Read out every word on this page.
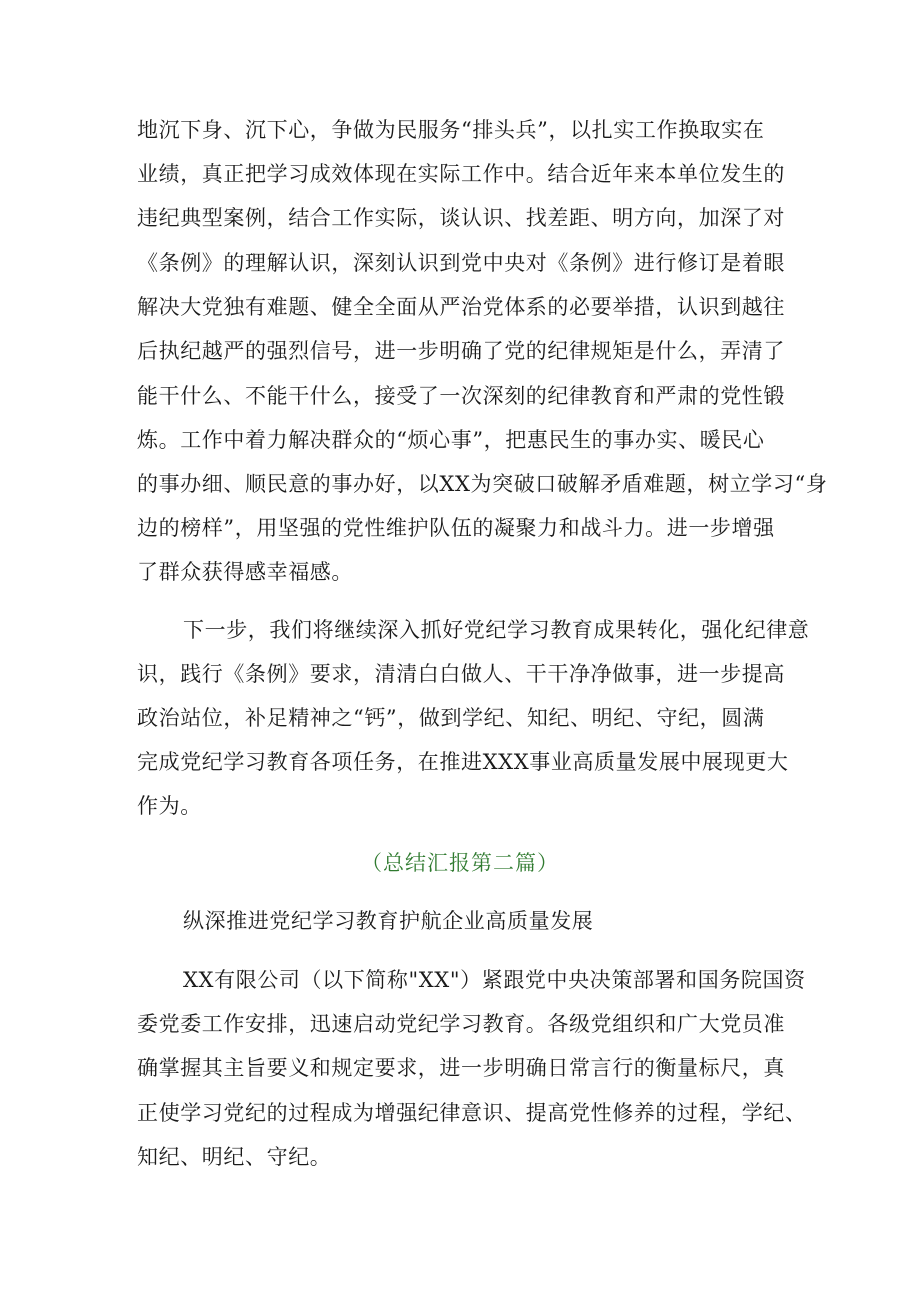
地沉下身、沉下心，争做为民服务“排头兵”，以扎实工作换取实在
业绩，真正把学习成效体现在实际工作中。结合近年来本单位发生的
违纪典型案例，结合工作实际，谈认识、找差距、明方向，加深了对
《条例》的理解认识，深刻认识到党中央对《条例》进行修订是着眼
解决大党独有难题、健全全面从严治党体系的必要举措，认识到越往
后执纪越严的强烈信号，进一步明确了党的纪律规矩是什么，弄清了
能干什么、不能干什么，接受了一次深刻的纪律教育和严肃的党性锻
炼。工作中着力解决群众的“烦心事”，把惠民生的事办实、暖民心
的事办细、顺民意的事办好，以XX为突破口破解矛盾难题，树立学习“身
边的榜样”，用坚强的党性维护队伍的凝聚力和战斗力。进一步增强
了群众获得感幸福感。
下一步，我们将继续深入抓好党纪学习教育成果转化，强化纪律意
识，践行《条例》要求，清清白白做人、干干净净做事，进一步提高
政治站位，补足精神之“钙”，做到学纪、知纪、明纪、守纪，圆满
完成党纪学习教育各项任务，在推进XXX事业高质量发展中展现更大
作为。
（总结汇报第二篇）
纵深推进党纪学习教育护航企业高质量发展
XX有限公司（以下简称"XX"）紧跟党中央决策部署和国务院国资
委党委工作安排，迅速启动党纪学习教育。各级党组织和广大党员准
确掌握其主旨要义和规定要求，进一步明确日常言行的衡量标尺，真
正使学习党纪的过程成为增强纪律意识、提高党性修养的过程，学纪、
知纪、明纪、守纪。
